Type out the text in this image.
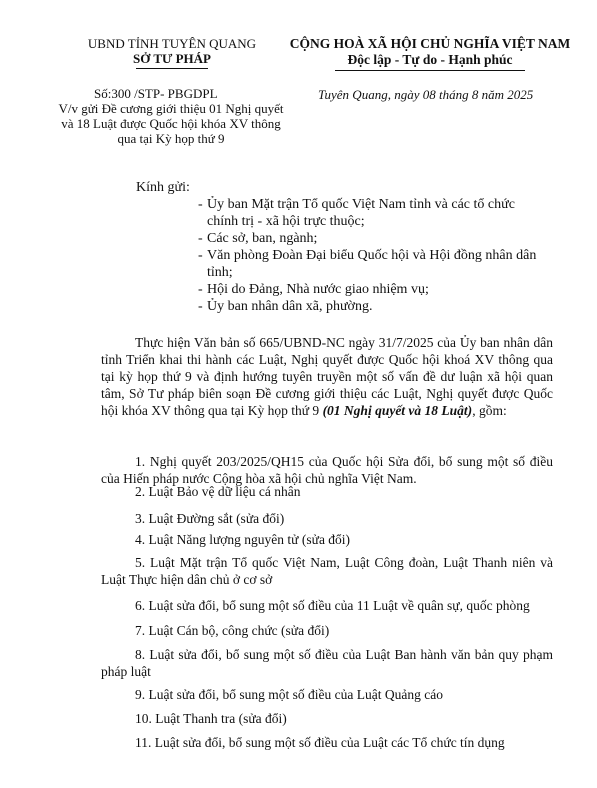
UBND TỈNH TUYÊN QUANG
SỞ TƯ PHÁP
CỘNG HOÀ XÃ HỘI CHỦ NGHĨA VIỆT NAM
Độc lập - Tự do - Hạnh phúc
Số:300 /STP- PBGDPL	Tuyên Quang, ngày 08 tháng 8 năm 2025
V/v gửi Đề cương giới thiệu 01 Nghị quyết và 18 Luật được Quốc hội khóa XV thông qua tại Kỳ họp thứ 9
Kính gửi:
- Ủy ban Mặt trận Tổ quốc Việt Nam tỉnh và các tổ chức chính trị - xã hội trực thuộc;
- Các sở, ban, ngành;
- Văn phòng Đoàn Đại biểu Quốc hội và Hội đồng nhân dân tỉnh;
- Hội do Đảng, Nhà nước giao nhiệm vụ;
- Ủy ban nhân dân xã, phường.
Thực hiện Văn bản số 665/UBND-NC ngày 31/7/2025 của Ủy ban nhân dân tỉnh Triển khai thi hành các Luật, Nghị quyết được Quốc hội khoá XV thông qua tại kỳ họp thứ 9 và định hướng tuyên truyền một số vấn đề dư luận xã hội quan tâm, Sở Tư pháp biên soạn Đề cương giới thiệu các Luật, Nghị quyết được Quốc hội khóa XV thông qua tại Kỳ họp thứ 9 (01 Nghị quyết và 18 Luật), gồm:
1. Nghị quyết 203/2025/QH15 của Quốc hội Sửa đổi, bổ sung một số điều của Hiến pháp nước Cộng hòa xã hội chủ nghĩa Việt Nam.
2. Luật Bảo vệ dữ liệu cá nhân
3. Luật Đường sắt (sửa đổi)
4. Luật Năng lượng nguyên tử (sửa đổi)
5. Luật Mặt trận Tổ quốc Việt Nam, Luật Công đoàn, Luật Thanh niên và Luật Thực hiện dân chủ ở cơ sở
6. Luật sửa đổi, bổ sung một số điều của 11 Luật về quân sự, quốc phòng
7. Luật Cán bộ, công chức (sửa đổi)
8. Luật sửa đổi, bổ sung một số điều của Luật Ban hành văn bản quy phạm pháp luật
9. Luật sửa đổi, bổ sung một số điều của Luật Quảng cáo
10. Luật Thanh tra (sửa đổi)
11. Luật sửa đổi, bổ sung một số điều của Luật các Tổ chức tín dụng
